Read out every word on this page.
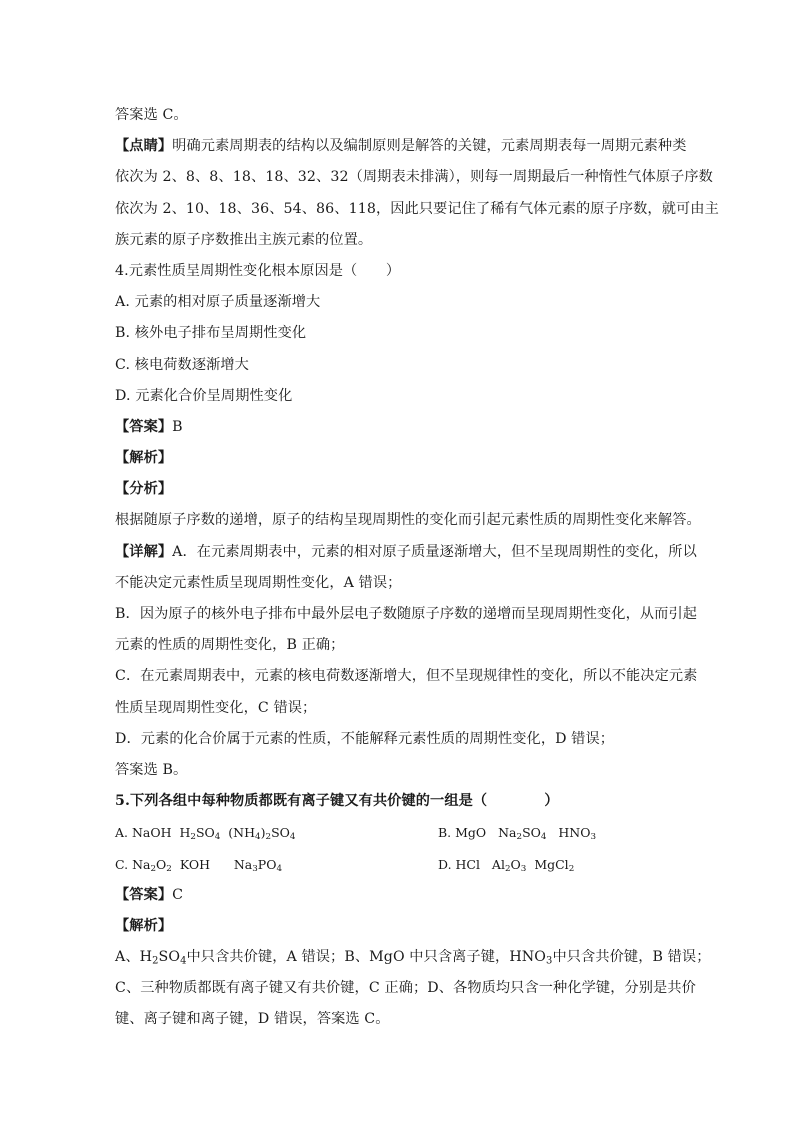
答案选 C。
【点睛】明确元素周期表的结构以及编制原则是解答的关键，元素周期表每一周期元素种类
依次为 2、8、8、18、18、32、32（周期表未排满），则每一周期最后一种惰性气体原子序数
依次为 2、10、18、36、54、86、118，因此只要记住了稀有气体元素的原子序数，就可由主
族元素的原子序数推出主族元素的位置。
4.元素性质呈周期性变化根本原因是（　　）
A. 元素的相对原子质量逐渐增大
B. 核外电子排布呈周期性变化
C. 核电荷数逐渐增大
D. 元素化合价呈周期性变化
【答案】B
【解析】
【分析】
根据随原子序数的递增，原子的结构呈现周期性的变化而引起元素性质的周期性变化来解答。
【详解】A．在元素周期表中，元素的相对原子质量逐渐增大，但不呈现周期性的变化，所以
不能决定元素性质呈现周期性变化，A 错误；
B．因为原子的核外电子排布中最外层电子数随原子序数的递增而呈现周期性变化，从而引起
元素的性质的周期性变化，B 正确；
C．在元素周期表中，元素的核电荷数逐渐增大，但不呈现规律性的变化，所以不能决定元素
性质呈现周期性变化，C 错误；
D．元素的化合价属于元素的性质，不能解释元素性质的周期性变化，D 错误；
答案选 B。
5.下列各组中每种物质都既有离子键又有共价键的一组是（　　　　）
A. NaOH $H_2SO_4$ $(NH_4)_2SO_4$	B. MgO $Na_2SO_4$ $HNO_3$
C. $Na_2O_2$ KOH $Na_3PO_4$	D. HCl $Al_2O_3$ MgCl$_2$
【答案】C
【解析】
A、$H_2SO_4$中只含共价键，A 错误；B、MgO 中只含离子键，$HNO_3$中只含共价键，B 错误；
C、三种物质都既有离子键又有共价键，C 正确；D、各物质均只含一种化学键，分别是共价
键、离子键和离子键，D 错误，答案选 C。
